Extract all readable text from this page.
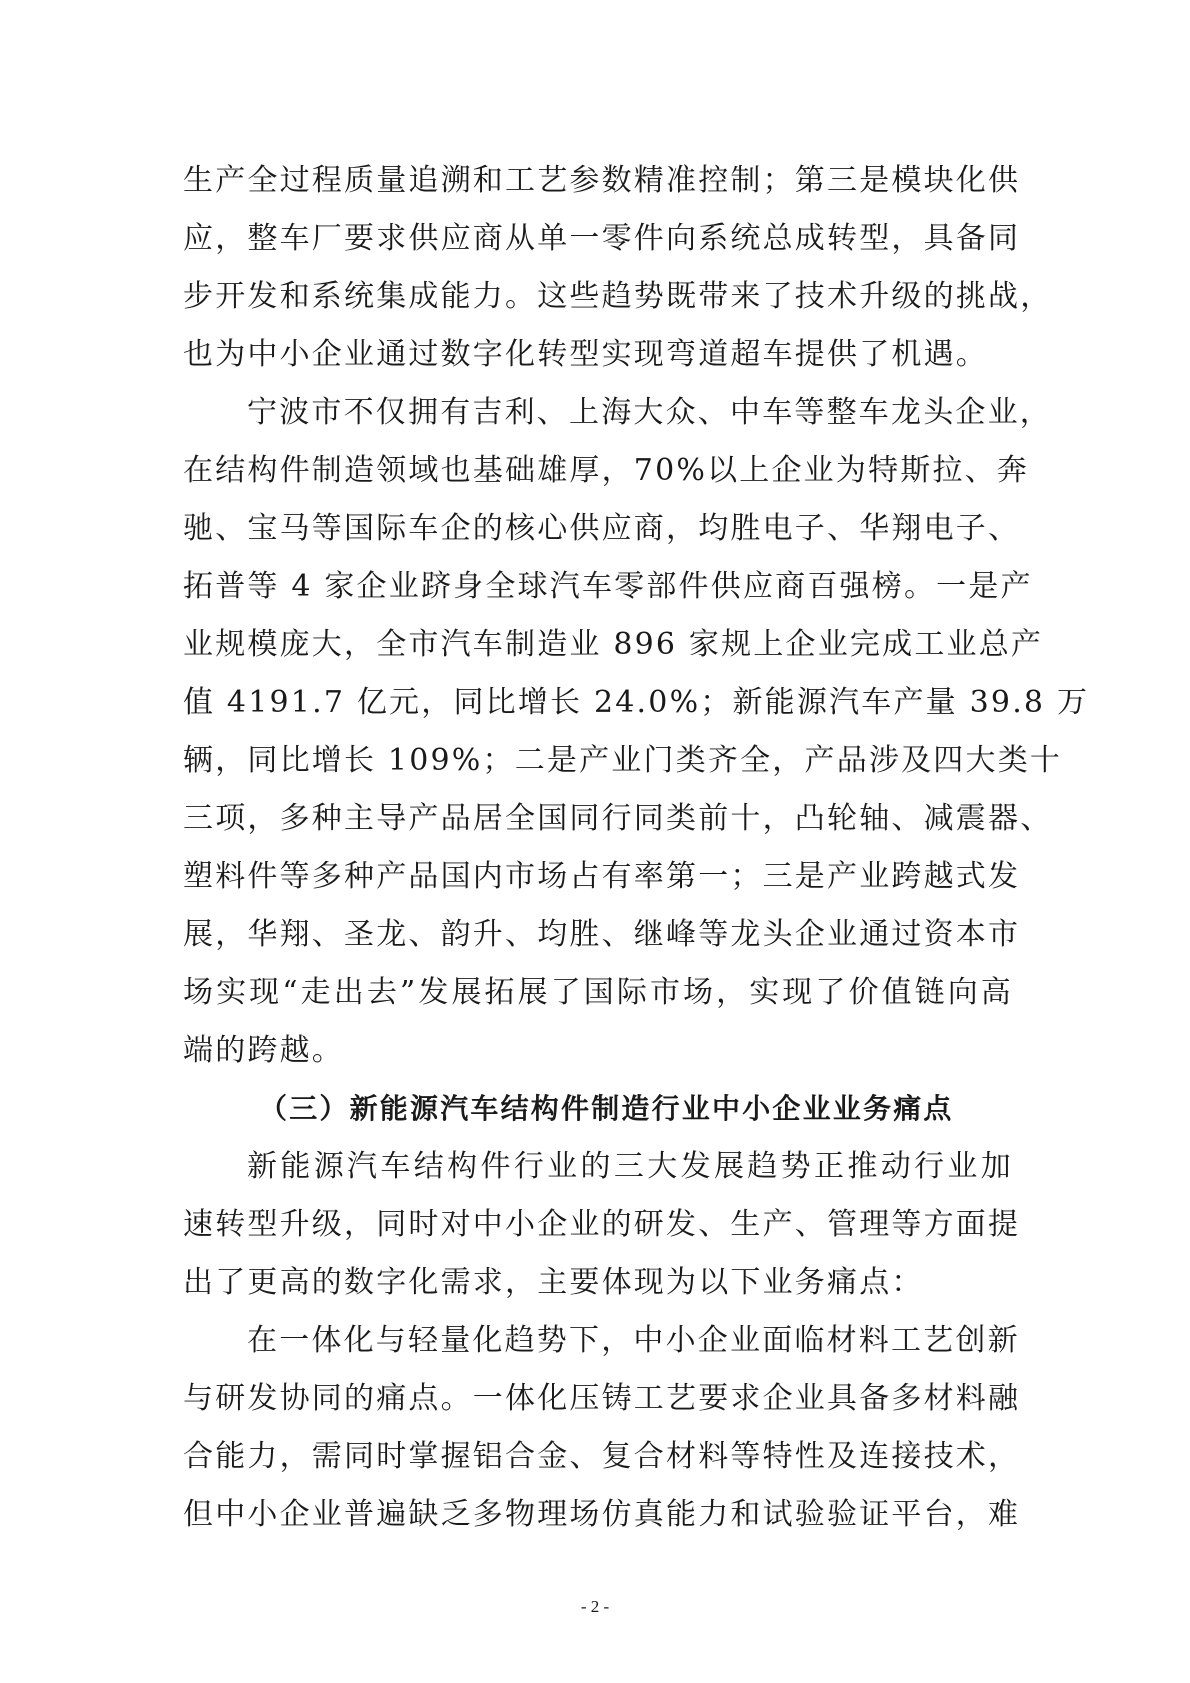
生产全过程质量追溯和工艺参数精准控制；第三是模块化供
应，整车厂要求供应商从单一零件向系统总成转型，具备同
步开发和系统集成能力。这些趋势既带来了技术升级的挑战，
也为中小企业通过数字化转型实现弯道超车提供了机遇。
宁波市不仅拥有吉利、上海大众、中车等整车龙头企业，
在结构件制造领域也基础雄厚，70%以上企业为特斯拉、奔
驰、宝马等国际车企的核心供应商，均胜电子、华翔电子、
拓普等 4 家企业跻身全球汽车零部件供应商百强榜。一是产
业规模庞大，全市汽车制造业 896 家规上企业完成工业总产
值 4191.7 亿元，同比增长 24.0%；新能源汽车产量 39.8 万
辆，同比增长 109%；二是产业门类齐全，产品涉及四大类十
三项，多种主导产品居全国同行同类前十，凸轮轴、减震器、
塑料件等多种产品国内市场占有率第一；三是产业跨越式发
展，华翔、圣龙、韵升、均胜、继峰等龙头企业通过资本市
场实现“走出去”发展拓展了国际市场，实现了价值链向高
端的跨越。
（三）新能源汽车结构件制造行业中小企业业务痛点
新能源汽车结构件行业的三大发展趋势正推动行业加
速转型升级，同时对中小企业的研发、生产、管理等方面提
出了更高的数字化需求，主要体现为以下业务痛点：
在一体化与轻量化趋势下，中小企业面临材料工艺创新
与研发协同的痛点。一体化压铸工艺要求企业具备多材料融
合能力，需同时掌握铝合金、复合材料等特性及连接技术，
但中小企业普遍缺乏多物理场仿真能力和试验验证平台，难
- 2 -
